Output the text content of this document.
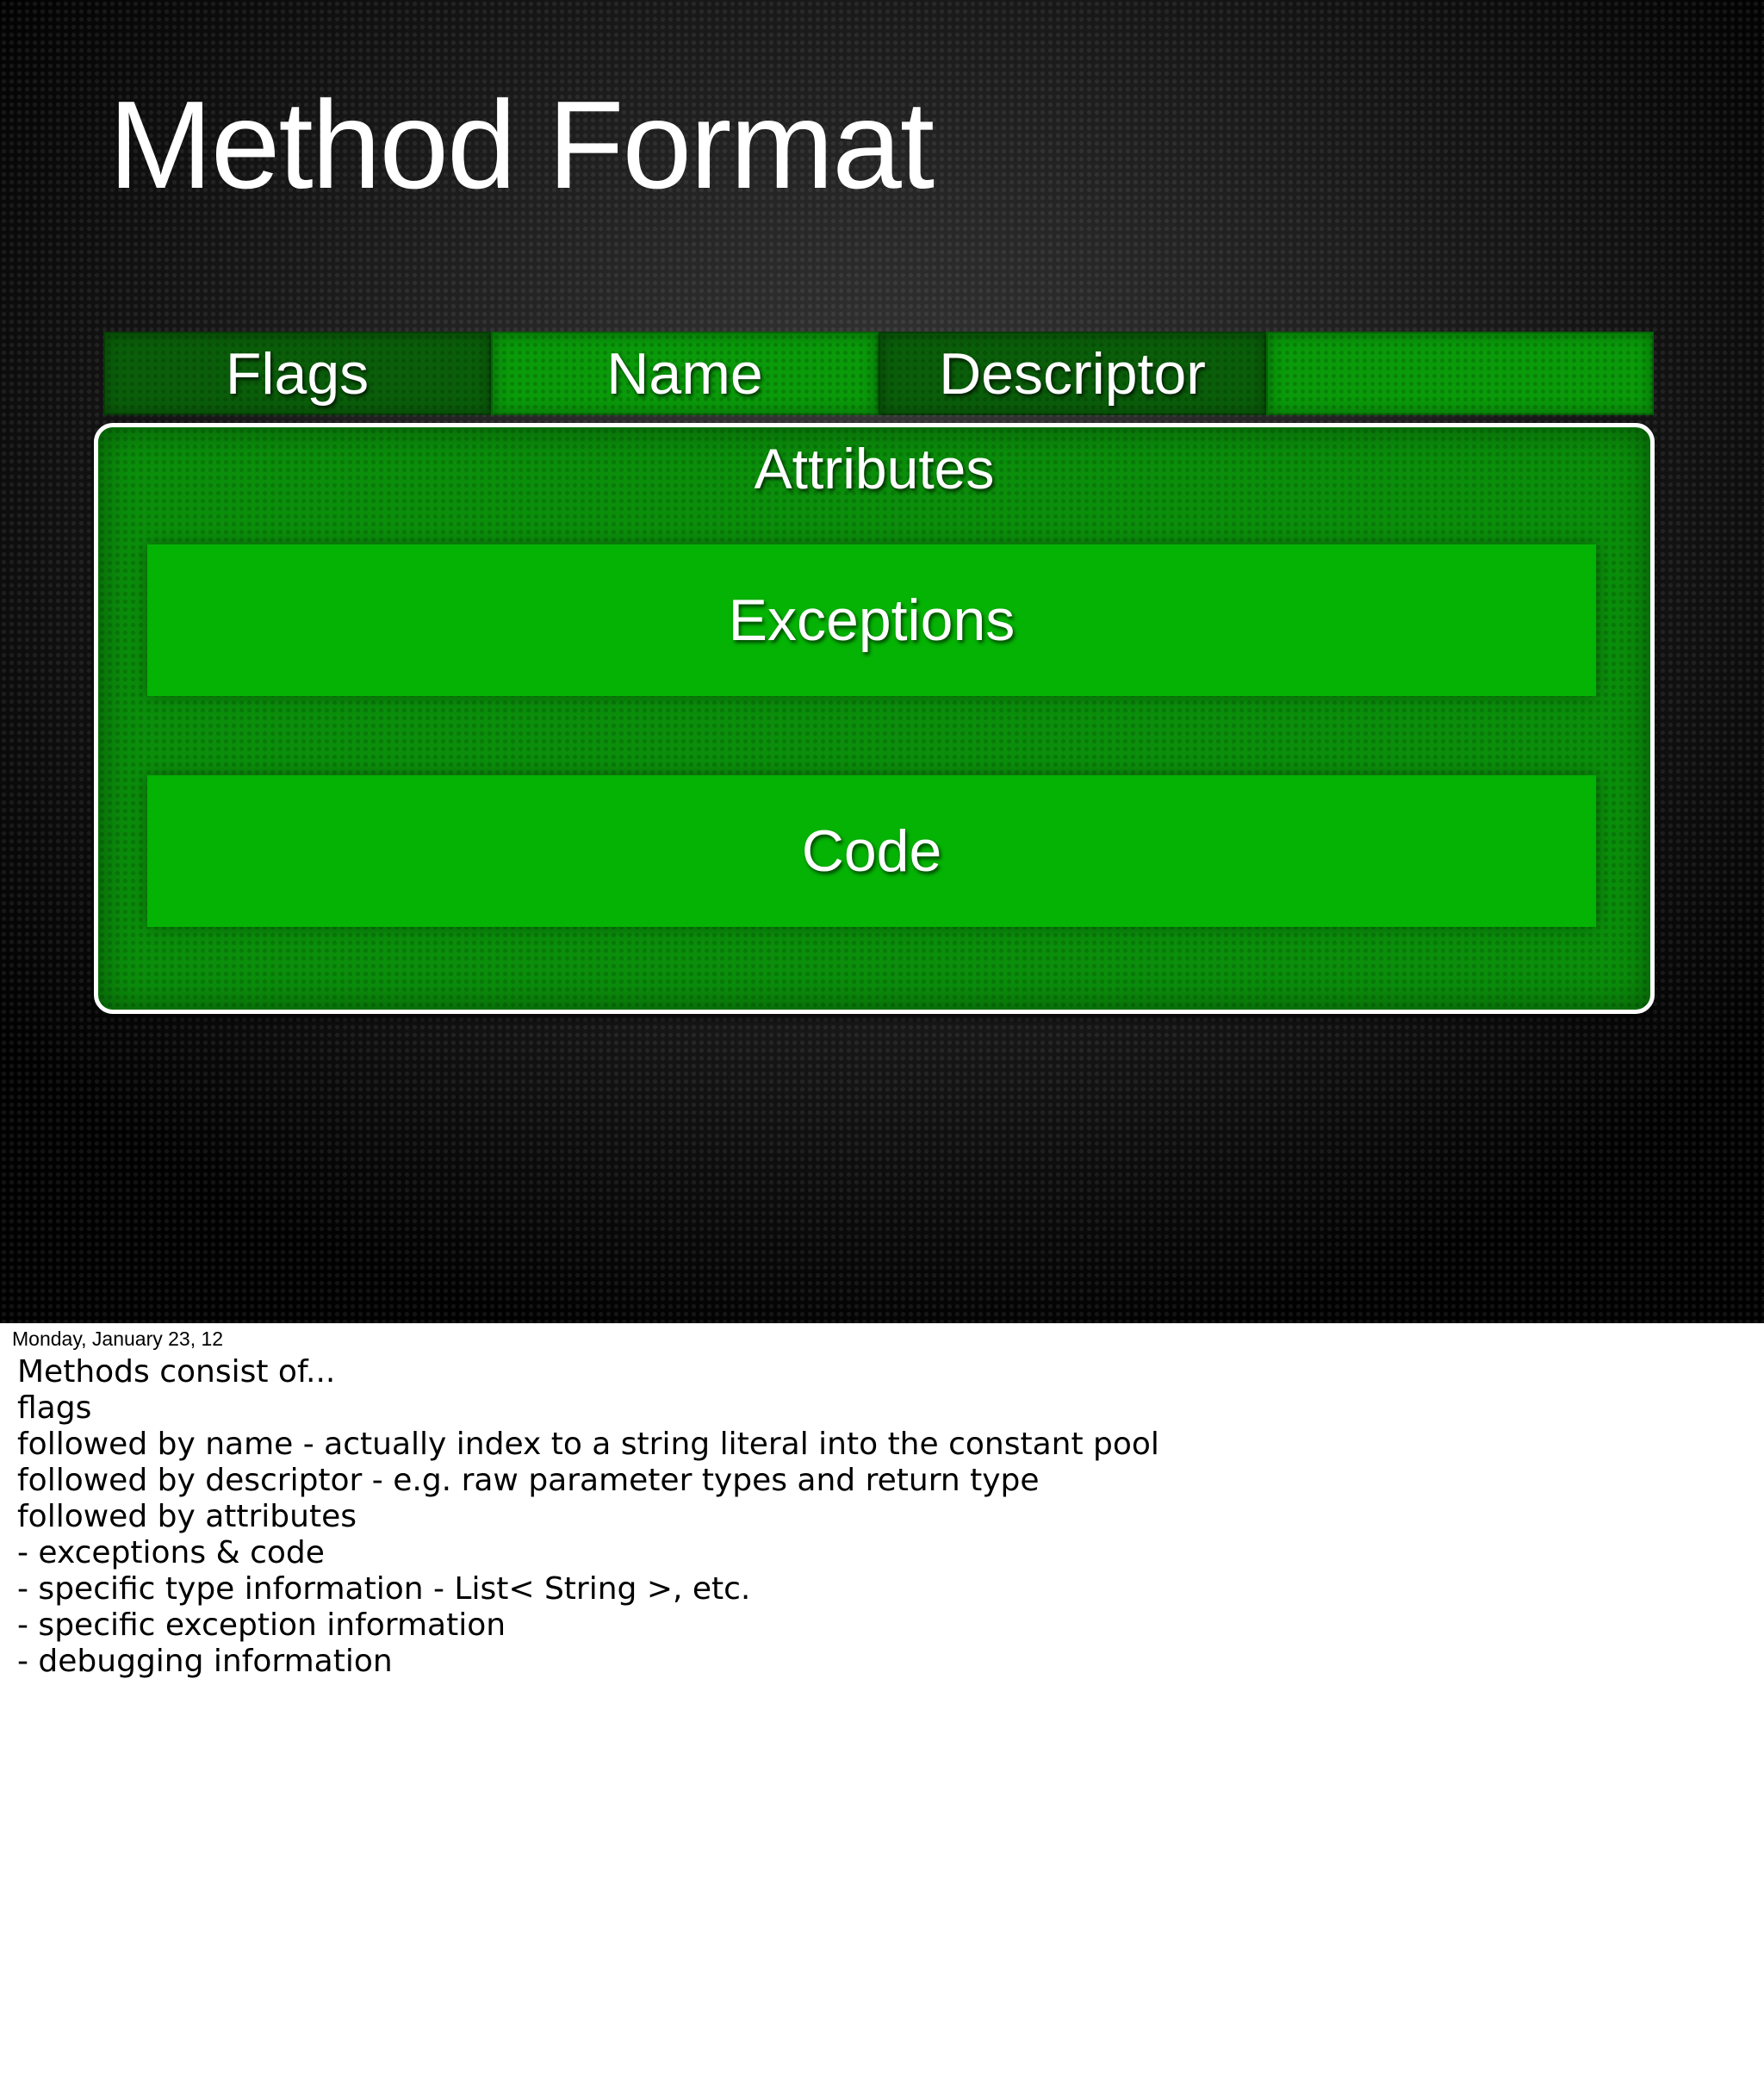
Method Format
Flags	Name	Descriptor
Attributes
Exceptions
Code
Monday, January 23, 12
Methods consist of...
flags
followed by name - actually index to a string literal into the constant pool
followed by descriptor - e.g. raw parameter types and return type
followed by attributes
- exceptions & code
- specific type information - List< String >, etc.
- specific exception information
- debugging information
